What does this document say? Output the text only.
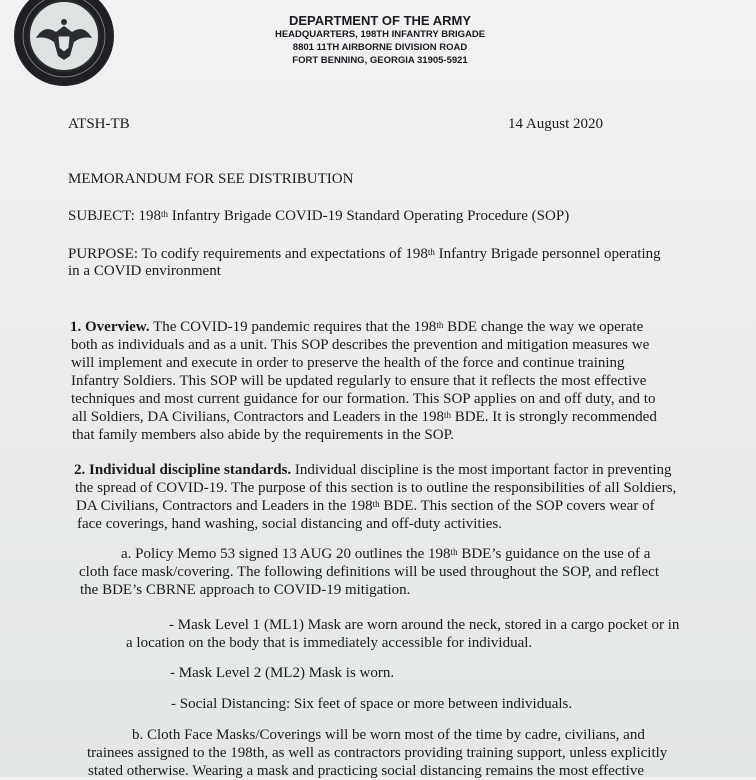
DEPARTMENT OF THE ARMY
HEADQUARTERS, 198TH INFANTRY BRIGADE
8801 11TH AIRBORNE DIVISION ROAD
FORT BENNING, GEORGIA 31905-5921
ATSH-TB	14 August 2020
MEMORANDUM FOR SEE DISTRIBUTION
SUBJECT: 198th Infantry Brigade COVID-19 Standard Operating Procedure (SOP)
PURPOSE: To codify requirements and expectations of 198th Infantry Brigade personnel operating
in a COVID environment
1. Overview. The COVID-19 pandemic requires that the 198th BDE change the way we operate
both as individuals and as a unit. This SOP describes the prevention and mitigation measures we
will implement and execute in order to preserve the health of the force and continue training
Infantry Soldiers. This SOP will be updated regularly to ensure that it reflects the most effective
techniques and most current guidance for our formation. This SOP applies on and off duty, and to
all Soldiers, DA Civilians, Contractors and Leaders in the 198th BDE. It is strongly recommended
that family members also abide by the requirements in the SOP.
2. Individual discipline standards. Individual discipline is the most important factor in preventing
the spread of COVID-19. The purpose of this section is to outline the responsibilities of all Soldiers,
DA Civilians, Contractors and Leaders in the 198th BDE. This section of the SOP covers wear of
face coverings, hand washing, social distancing and off-duty activities.
a. Policy Memo 53 signed 13 AUG 20 outlines the 198th BDE’s guidance on the use of a
cloth face mask/covering. The following definitions will be used throughout the SOP, and reflect
the BDE’s CBRNE approach to COVID-19 mitigation.
- Mask Level 1 (ML1) Mask are worn around the neck, stored in a cargo pocket or in
a location on the body that is immediately accessible for individual.
- Mask Level 2 (ML2) Mask is worn.
- Social Distancing: Six feet of space or more between individuals.
b. Cloth Face Masks/Coverings will be worn most of the time by cadre, civilians, and
trainees assigned to the 198th, as well as contractors providing training support, unless explicitly
stated otherwise. Wearing a mask and practicing social distancing remains the most effective
